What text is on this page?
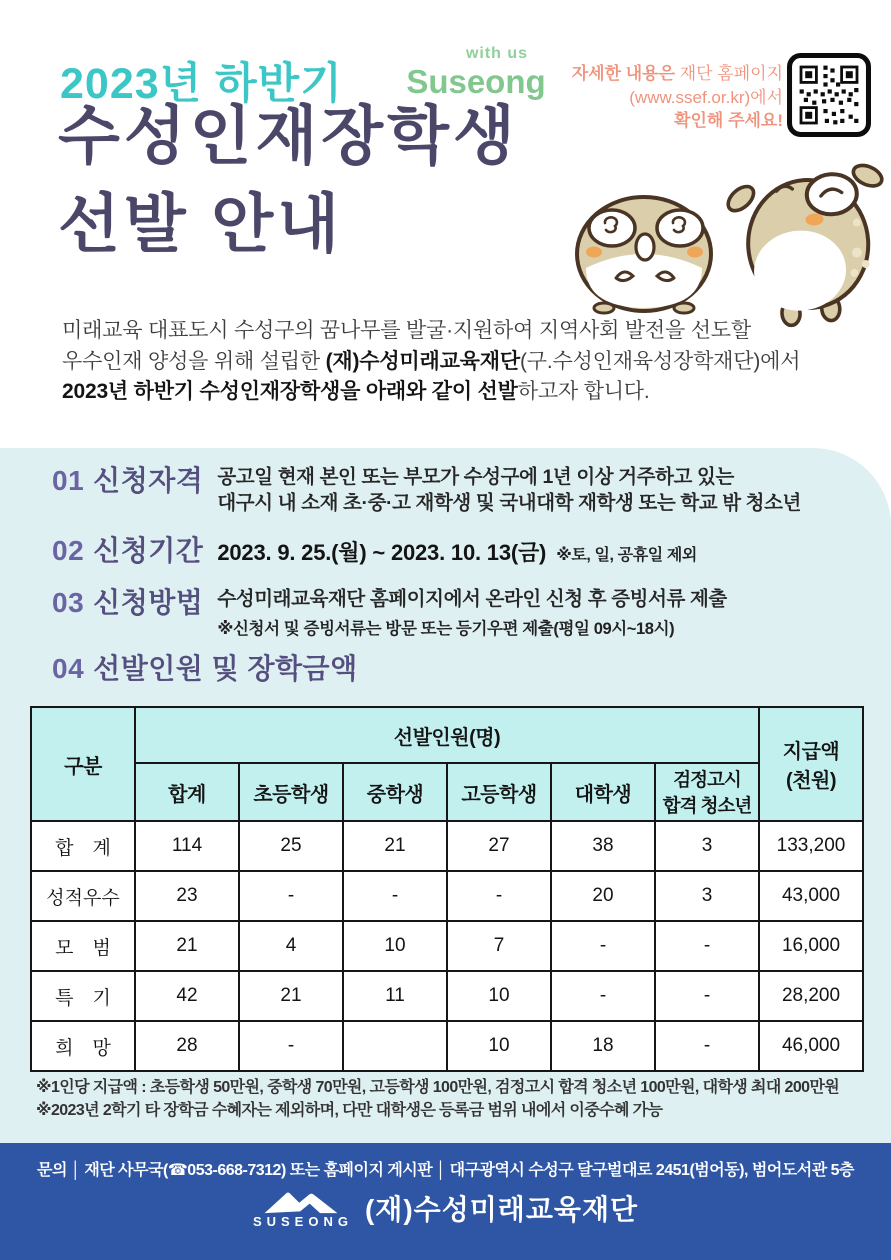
2023년 하반기
with us
Suseong	자세한 내용은 재단 홈페이지
(www.ssef.or.kr)에서
확인해 주세요!
수성인재장학생
선발 안내
미래교육 대표도시 수성구의 꿈나무를 발굴·지원하여 지역사회 발전을 선도할
우수인재 양성을 위해 설립한 (재)수성미래교육재단(구.수성인재육성장학재단)에서
2023년 하반기 수성인재장학생을 아래와 같이 선발하고자 합니다.
01 신청자격 공고일 현재 본인 또는 부모가 수성구에 1년 이상 거주하고 있는
대구시 내 소재 초·중·고 재학생 및 국내대학 재학생 또는 학교 밖 청소년
02 신청기간 2023. 9. 25.(월) ~ 2023. 10. 13(금) ※토, 일, 공휴일 제외
03 신청방법 수성미래교육재단 홈페이지에서 온라인 신청 후 증빙서류 제출
※신청서 및 증빙서류는 방문 또는 등기우편 제출(평일 09시~18시)
04 선발인원 및 장학금액
구분	선발인원(명)						지급액
(천원)

	합계	초등학생	중학생	고등학생	대학생	검정고시
합격 청소년	

합　계	114	25	21	27	38	3	133,200
성적우수	23	-	-	-	20	3	43,000
모　범	21	4	10	7	-	-	16,000
특　기	42	21	11	10	-	-	28,200
희　망	28	-		10	18	-	46,000
※1인당 지급액 : 초등학생 50만원, 중학생 70만원, 고등학생 100만원, 검정고시 합격 청소년 100만원, 대학생 최대 200만원
※2023년 2학기 타 장학금 수혜자는 제외하며, 다만 대학생은 등록금 범위 내에서 이중수혜 가능
문의 │ 재단 사무국(☎053-668-7312) 또는 홈페이지 게시판 │ 대구광역시 수성구 달구벌대로 2451(범어동), 범어도서관 5층
SUSEONG (재)수성미래교육재단
